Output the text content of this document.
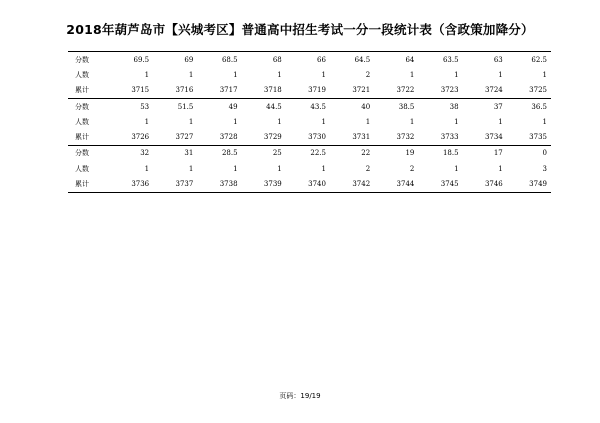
2018年葫芦岛市【兴城考区】普通高中招生考试一分一段统计表（含政策加降分）
分数	69.5	69	68.5	68	66	64.5	64	63.5	63	62.5
人数	1	1	1	1	1	2	1	1	1	1
累计	3715	3716	3717	3718	3719	3721	3722	3723	3724	3725
分数	53	51.5	49	44.5	43.5	40	38.5	38	37	36.5
人数	1	1	1	1	1	1	1	1	1	1
累计	3726	3727	3728	3729	3730	3731	3732	3733	3734	3735
分数	32	31	28.5	25	22.5	22	19	18.5	17	0
人数	1	1	1	1	1	2	2	1	1	3
累计	3736	3737	3738	3739	3740	3742	3744	3745	3746	3749
页码：19/19
